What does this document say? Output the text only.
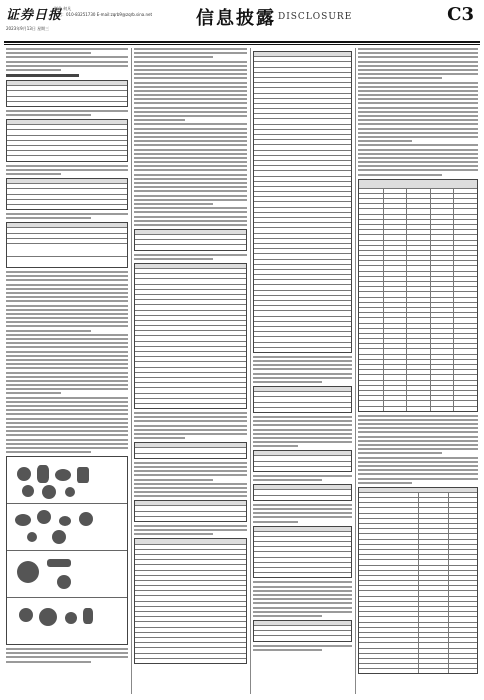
证券日报
2023年9月13日 星期三
制作 何凡
电话：010-83251730 E-mail:zqrb9@zqrb.sina.net 信息披露 DISCLOSURE	C3
